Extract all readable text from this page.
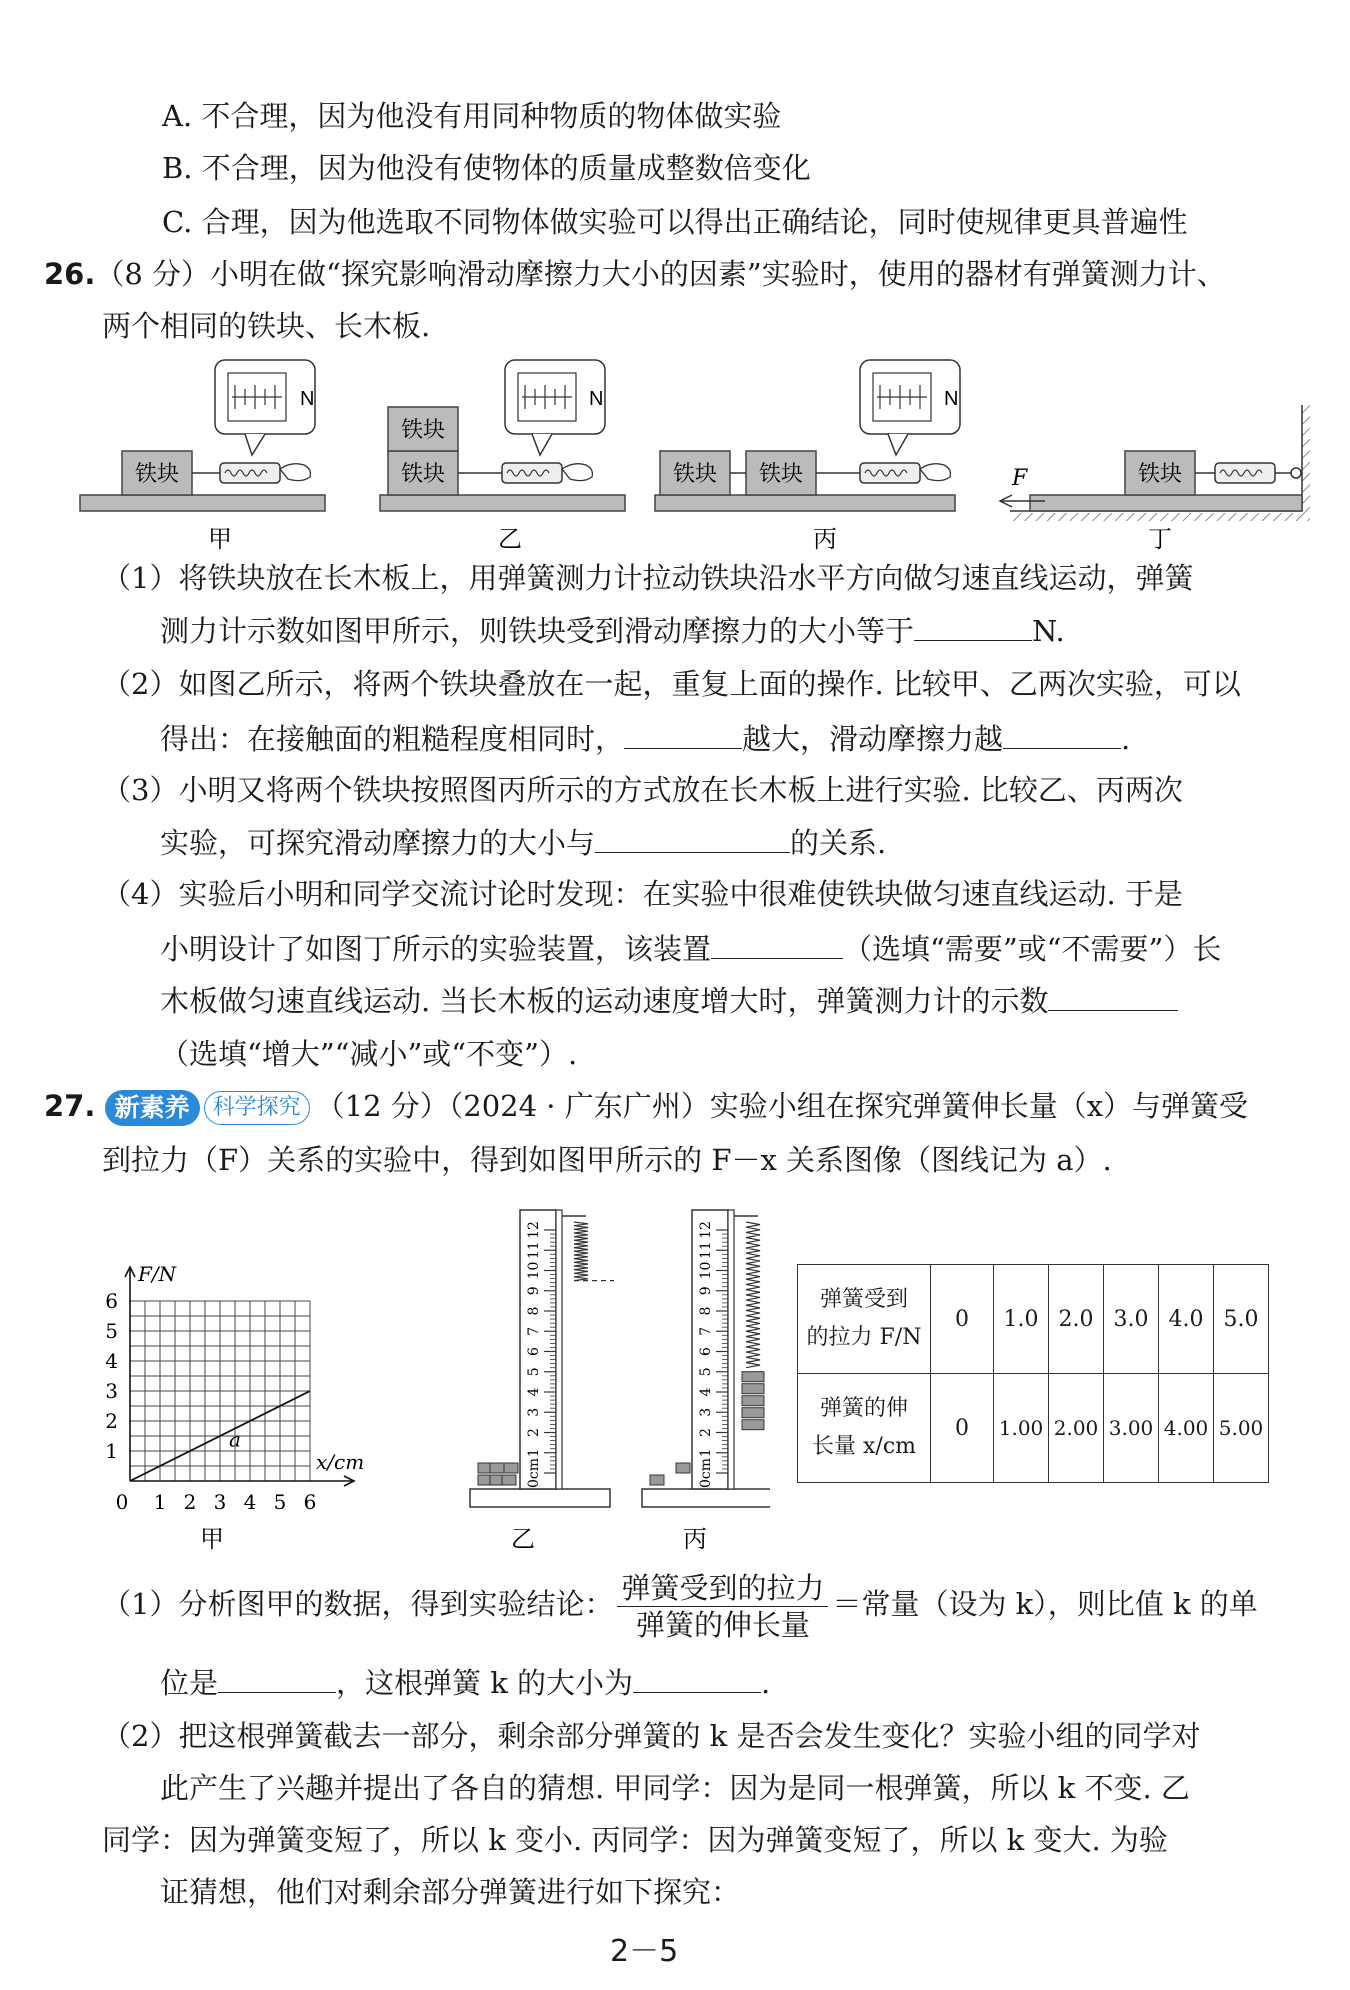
A. 不合理，因为他没有用同种物质的物体做实验
B. 不合理，因为他没有使物体的质量成整数倍变化
C. 合理，因为他选取不同物体做实验可以得出正确结论，同时使规律更具普遍性
26.（8 分）小明在做“探究影响滑动摩擦力大小的因素”实验时，使用的器材有弹簧测力计、
两个相同的铁块、长木板.
铁块
N
甲
铁块
铁块
N
乙
铁块 铁块
N
丙
铁块
F
丁
（1）将铁块放在长木板上，用弹簧测力计拉动铁块沿水平方向做匀速直线运动，弹簧
测力计示数如图甲所示，则铁块受到滑动摩擦力的大小等于	N.
（2）如图乙所示，将两个铁块叠放在一起，重复上面的操作. 比较甲、乙两次实验，可以
得出：在接触面的粗糙程度相同时，	越大，滑动摩擦力越	.
（3）小明又将两个铁块按照图丙所示的方式放在长木板上进行实验. 比较乙、丙两次
实验，可探究滑动摩擦力的大小与	的关系.
（4）实验后小明和同学交流讨论时发现：在实验中很难使铁块做匀速直线运动. 于是
小明设计了如图丁所示的实验装置，该装置	（选填“需要”或“不需要”）长
木板做匀速直线运动. 当长木板的运动速度增大时，弹簧测力计的示数
（选填“增大”“减小”或“不变”）.
27. 新素养 科学探究 （12 分）（2024 · 广东广州）实验小组在探究弹簧伸长量（x）与弹簧受
到拉力（F）关系的实验中，得到如图甲所示的 F－x 关系图像（图线记为 a）.
F/N
x/cm
0 1 2 3 4 5 6
1
2
3
4
5
6
a
甲
0cm
1
2
3
4
5
6
7
8
9
10
11
12
0cm
1
2
3
4
5
6
7
8
9
10
11
12
乙	丙
弹簧受到
的拉力 F/N	0	1.0	2.0	3.0	4.0	5.0
弹簧的伸
长量 x/cm	0	1.00	2.00	3.00	4.00	5.00
（1）分析图甲的数据，得到实验结论： $\frac{\text{弹簧受到的拉力}}{\text{弹簧的伸长量}}$ ＝常量（设为 k），则比值 k 的单
位是	，这根弹簧 k 的大小为	.
（2）把这根弹簧截去一部分，剩余部分弹簧的 k 是否会发生变化？实验小组的同学对
此产生了兴趣并提出了各自的猜想. 甲同学：因为是同一根弹簧，所以 k 不变. 乙
同学：因为弹簧变短了，所以 k 变小. 丙同学：因为弹簧变短了，所以 k 变大. 为验
证猜想，他们对剩余部分弹簧进行如下探究：
2－5
